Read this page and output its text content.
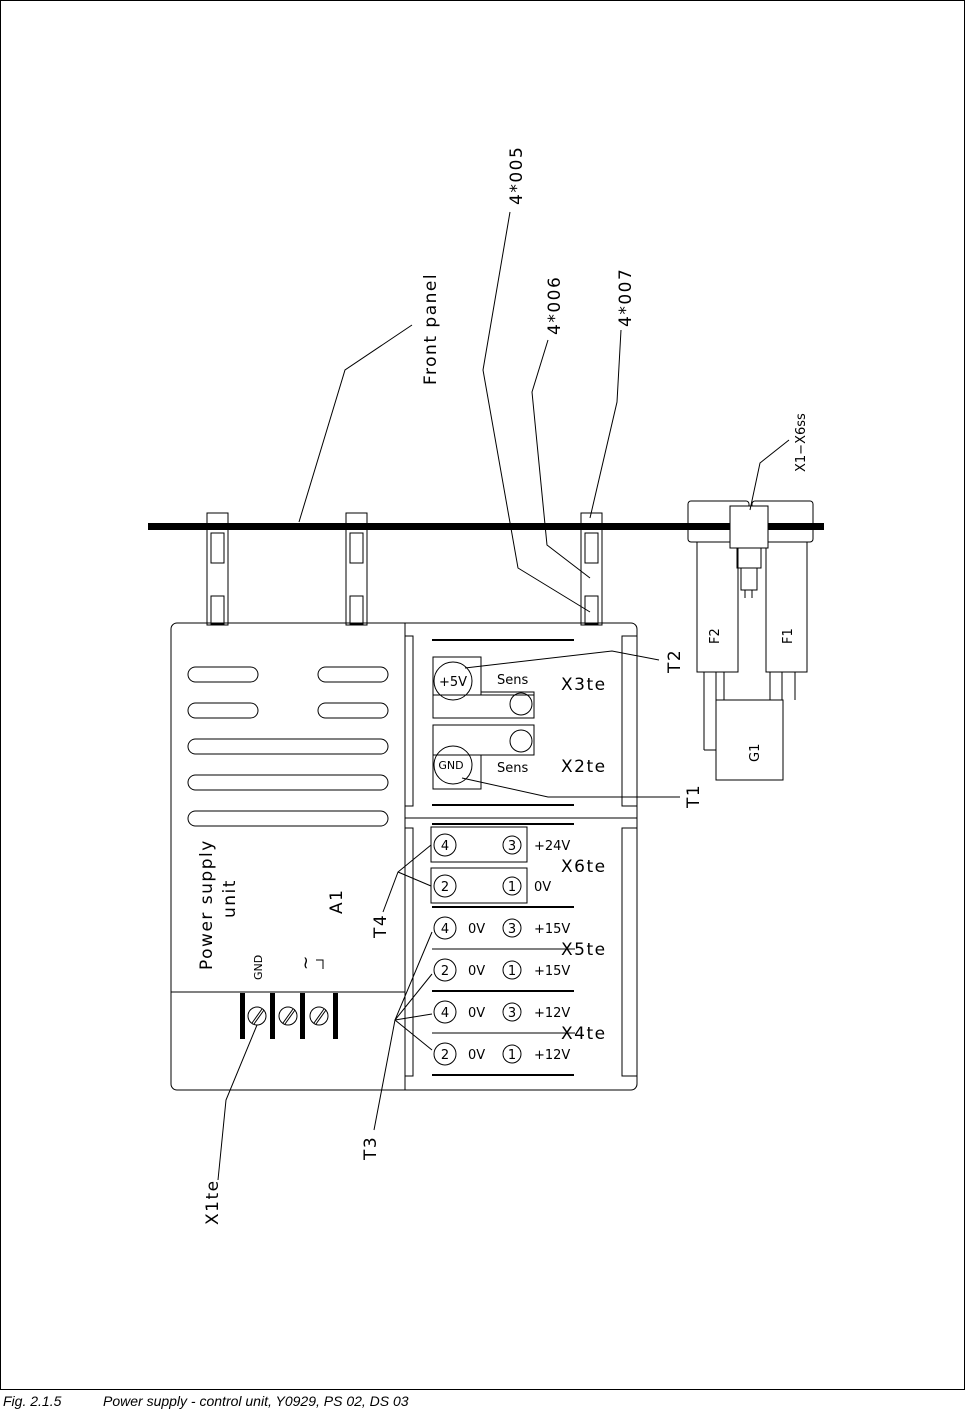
Front panel
4*005
4*006	4*007
X1−X6ss
F2	F1
G1
T2
T1
T4
T3
X1te
Power supply unit	A1
GND ~
+5V Sens X3te
GND	Sens X2te
4	3 +24V
X6te
2	1 0V
4 0V 3 +15V
X5te
2 0V 1 +15V
4 0V 3 +12V
X4te
2 0V 1 +12V
Fig. 2.1.5	Power supply - control unit, Y0929, PS 02, DS 03
